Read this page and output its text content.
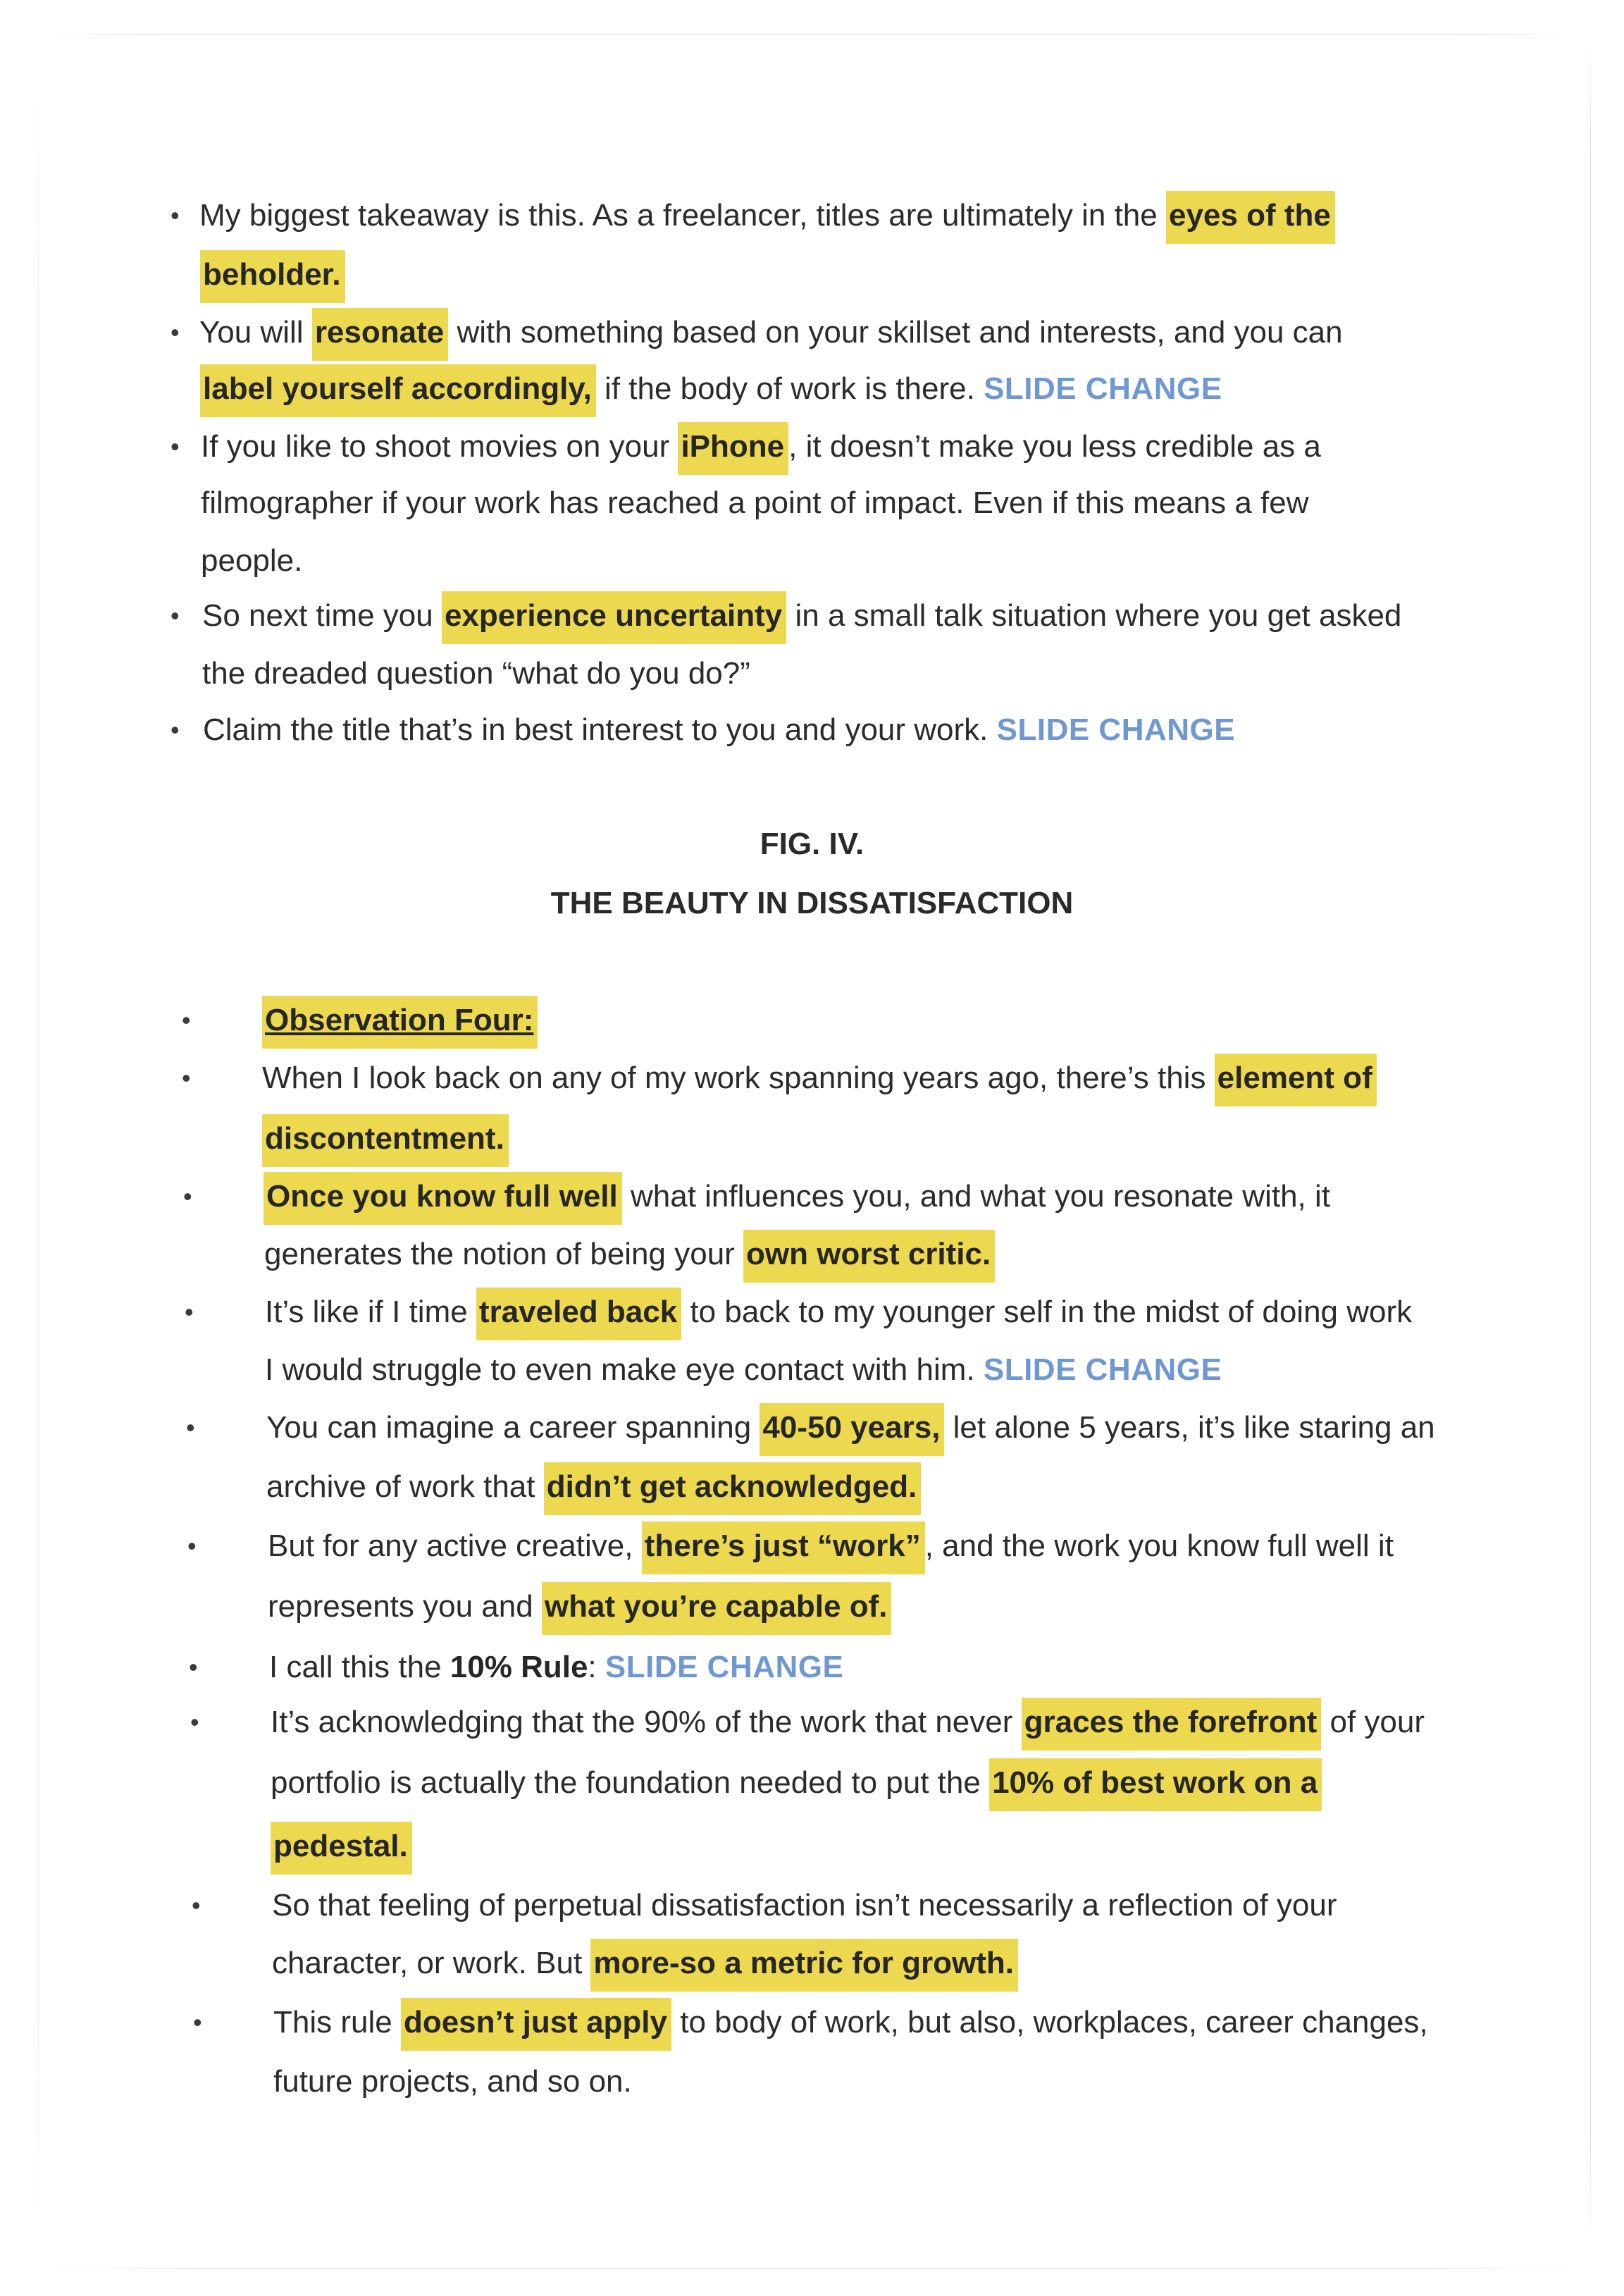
• My biggest takeaway is this. As a freelancer, titles are ultimately in the eyes of the
beholder.
• You will resonate with something based on your skillset and interests, and you can
label yourself accordingly, if the body of work is there. SLIDE CHANGE
• If you like to shoot movies on your iPhone , it doesn’t make you less credible as a
filmographer if your work has reached a point of impact. Even if this means a few
people.
• So next time you experience uncertainty in a small talk situation where you get asked
the dreaded question “what do you do?”
• Claim the title that’s in best interest to you and your work. SLIDE CHANGE
FIG. IV.
THE BEAUTY IN DISSATISFACTION
• Observation Four:
• When I look back on any of my work spanning years ago, there’s this element of
discontentment.
• Once you know full well what influences you, and what you resonate with, it
generates the notion of being your own worst critic.
• It’s like if I time traveled back to back to my younger self in the midst of doing work
I would struggle to even make eye contact with him. SLIDE CHANGE
• You can imagine a career spanning 40-50 years, let alone 5 years, it’s like staring an
archive of work that didn’t get acknowledged.
• But for any active creative, there’s just “work” , and the work you know full well it
represents you and what you’re capable of.
• I call this the 10% Rule: SLIDE CHANGE
• It’s acknowledging that the 90% of the work that never graces the forefront of your
portfolio is actually the foundation needed to put the 10% of best work on a
pedestal.
• So that feeling of perpetual dissatisfaction isn’t necessarily a reflection of your
character, or work. But more-so a metric for growth.
• This rule doesn’t just apply to body of work, but also, workplaces, career changes,
future projects, and so on.
